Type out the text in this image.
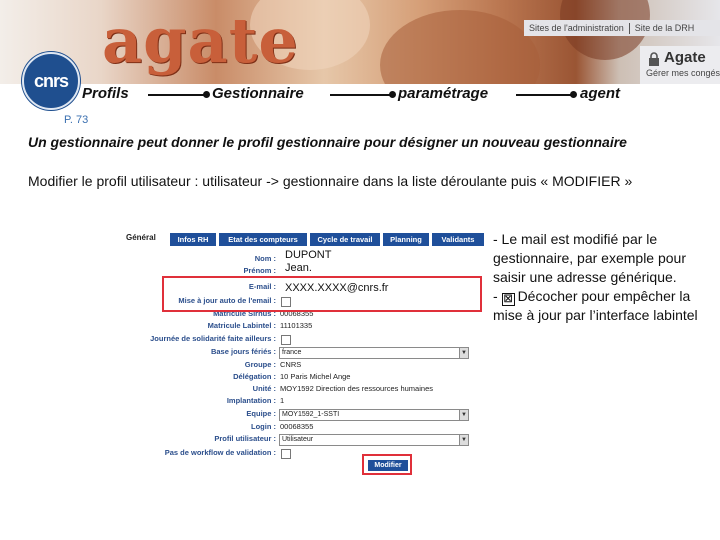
agate	Sites de l'administration	Site de la DRH
Agate
Gérer mes congés
cnrs
Profils	Gestionnaire	paramétrage	agent
P. 73
Un gestionnaire peut donner le profil gestionnaire pour désigner un nouveau gestionnaire
Modifier le profil utilisateur : utilisateur -> gestionnaire dans la liste déroulante puis « MODIFIER »
Général	Infos RH	Etat des compteurs	Cycle de travail	Planning	Validants
Nom : DUPONT
Prénom : Jean.
E-mail : XXXX.XXXX@cnrs.fr
Mise à jour auto de l'email :
Matricule Sirhus : 00068355
Matricule Labintel : 11101335
Journée de solidarité faite ailleurs :
Base jours fériés : france	▼
Groupe : CNRS
Délégation : 10 Paris Michel Ange
Unité : MOY1592 Direction des ressources humaines
Implantation : 1
Equipe : MOY1592_1-SSTI	▼
Login : 00068355
Profil utilisateur : Utilisateur	▼
Pas de workflow de validation :
Modifier
- Le mail est modifié par le gestionnaire, par exemple pour saisir une adresse générique.
- ☒ Décocher pour empêcher la mise à jour par l’interface labintel
